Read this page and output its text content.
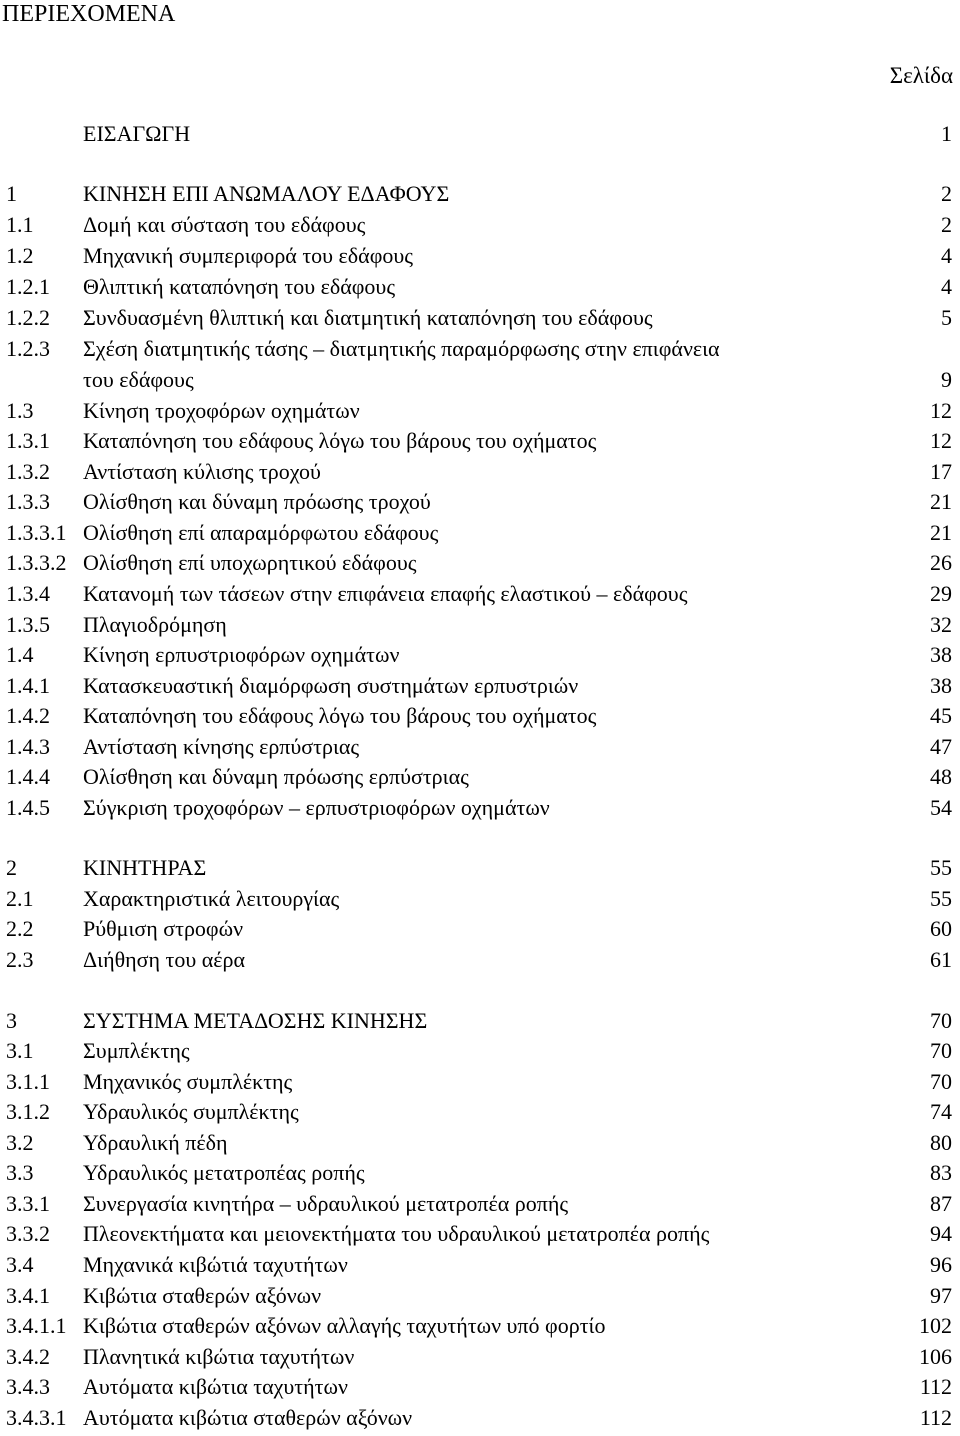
ΠΕΡΙΕΧΟΜΕΝΑ
Σελίδα
ΕΙΣΑΓΩΓΗ	1
1	ΚΙΝΗΣΗ ΕΠΙ ΑΝΩΜΑΛΟΥ ΕΔΑΦΟΥΣ	2
1.1 Δομή και σύσταση του εδάφους	2
1.2 Μηχανική συμπεριφορά του εδάφους	4
1.2.1 Θλιπτική καταπόνηση του εδάφους	4
1.2.2 Συνδυασμένη θλιπτική και διατμητική καταπόνηση του εδάφους	5
1.2.3 Σχέση διατμητικής τάσης – διατμητικής παραμόρφωσης στην επιφάνεια
του εδάφους	9
1.3 Κίνηση τροχοφόρων οχημάτων	12
1.3.1 Καταπόνηση του εδάφους λόγω του βάρους του οχήματος	12
1.3.2 Αντίσταση κύλισης τροχού	17
1.3.3 Ολίσθηση και δύναμη πρόωσης τροχού	21
1.3.3.1 Ολίσθηση επί απαραμόρφωτου εδάφους	21
1.3.3.2 Ολίσθηση επί υποχωρητικού εδάφους	26
1.3.4 Κατανομή των τάσεων στην επιφάνεια επαφής ελαστικού – εδάφους	29
1.3.5 Πλαγιοδρόμηση	32
1.4 Κίνηση ερπυστριοφόρων οχημάτων	38
1.4.1 Κατασκευαστική διαμόρφωση συστημάτων ερπυστριών	38
1.4.2 Καταπόνηση του εδάφους λόγω του βάρους του οχήματος	45
1.4.3 Αντίσταση κίνησης ερπύστριας	47
1.4.4 Ολίσθηση και δύναμη πρόωσης ερπύστριας	48
1.4.5 Σύγκριση τροχοφόρων – ερπυστριοφόρων οχημάτων	54
2	ΚΙΝΗΤΗΡΑΣ	55
2.1 Χαρακτηριστικά λειτουργίας	55
2.2 Ρύθμιση στροφών	60
2.3 Διήθηση του αέρα	61
3	ΣΥΣΤΗΜΑ ΜΕΤΑΔΟΣΗΣ ΚΙΝΗΣΗΣ	70
3.1 Συμπλέκτης	70
3.1.1 Μηχανικός συμπλέκτης	70
3.1.2 Υδραυλικός συμπλέκτης	74
3.2 Υδραυλική πέδη	80
3.3 Υδραυλικός μετατροπέας ροπής	83
3.3.1 Συνεργασία κινητήρα – υδραυλικού μετατροπέα ροπής	87
3.3.2 Πλεονεκτήματα και μειονεκτήματα του υδραυλικού μετατροπέα ροπής	94
3.4 Μηχανικά κιβώτιά ταχυτήτων	96
3.4.1 Κιβώτια σταθερών αξόνων	97
3.4.1.1 Κιβώτια σταθερών αξόνων αλλαγής ταχυτήτων υπό φορτίο	102
3.4.2 Πλανητικά κιβώτια ταχυτήτων	106
3.4.3 Αυτόματα κιβώτια ταχυτήτων	112
3.4.3.1 Αυτόματα κιβώτια σταθερών αξόνων	112
